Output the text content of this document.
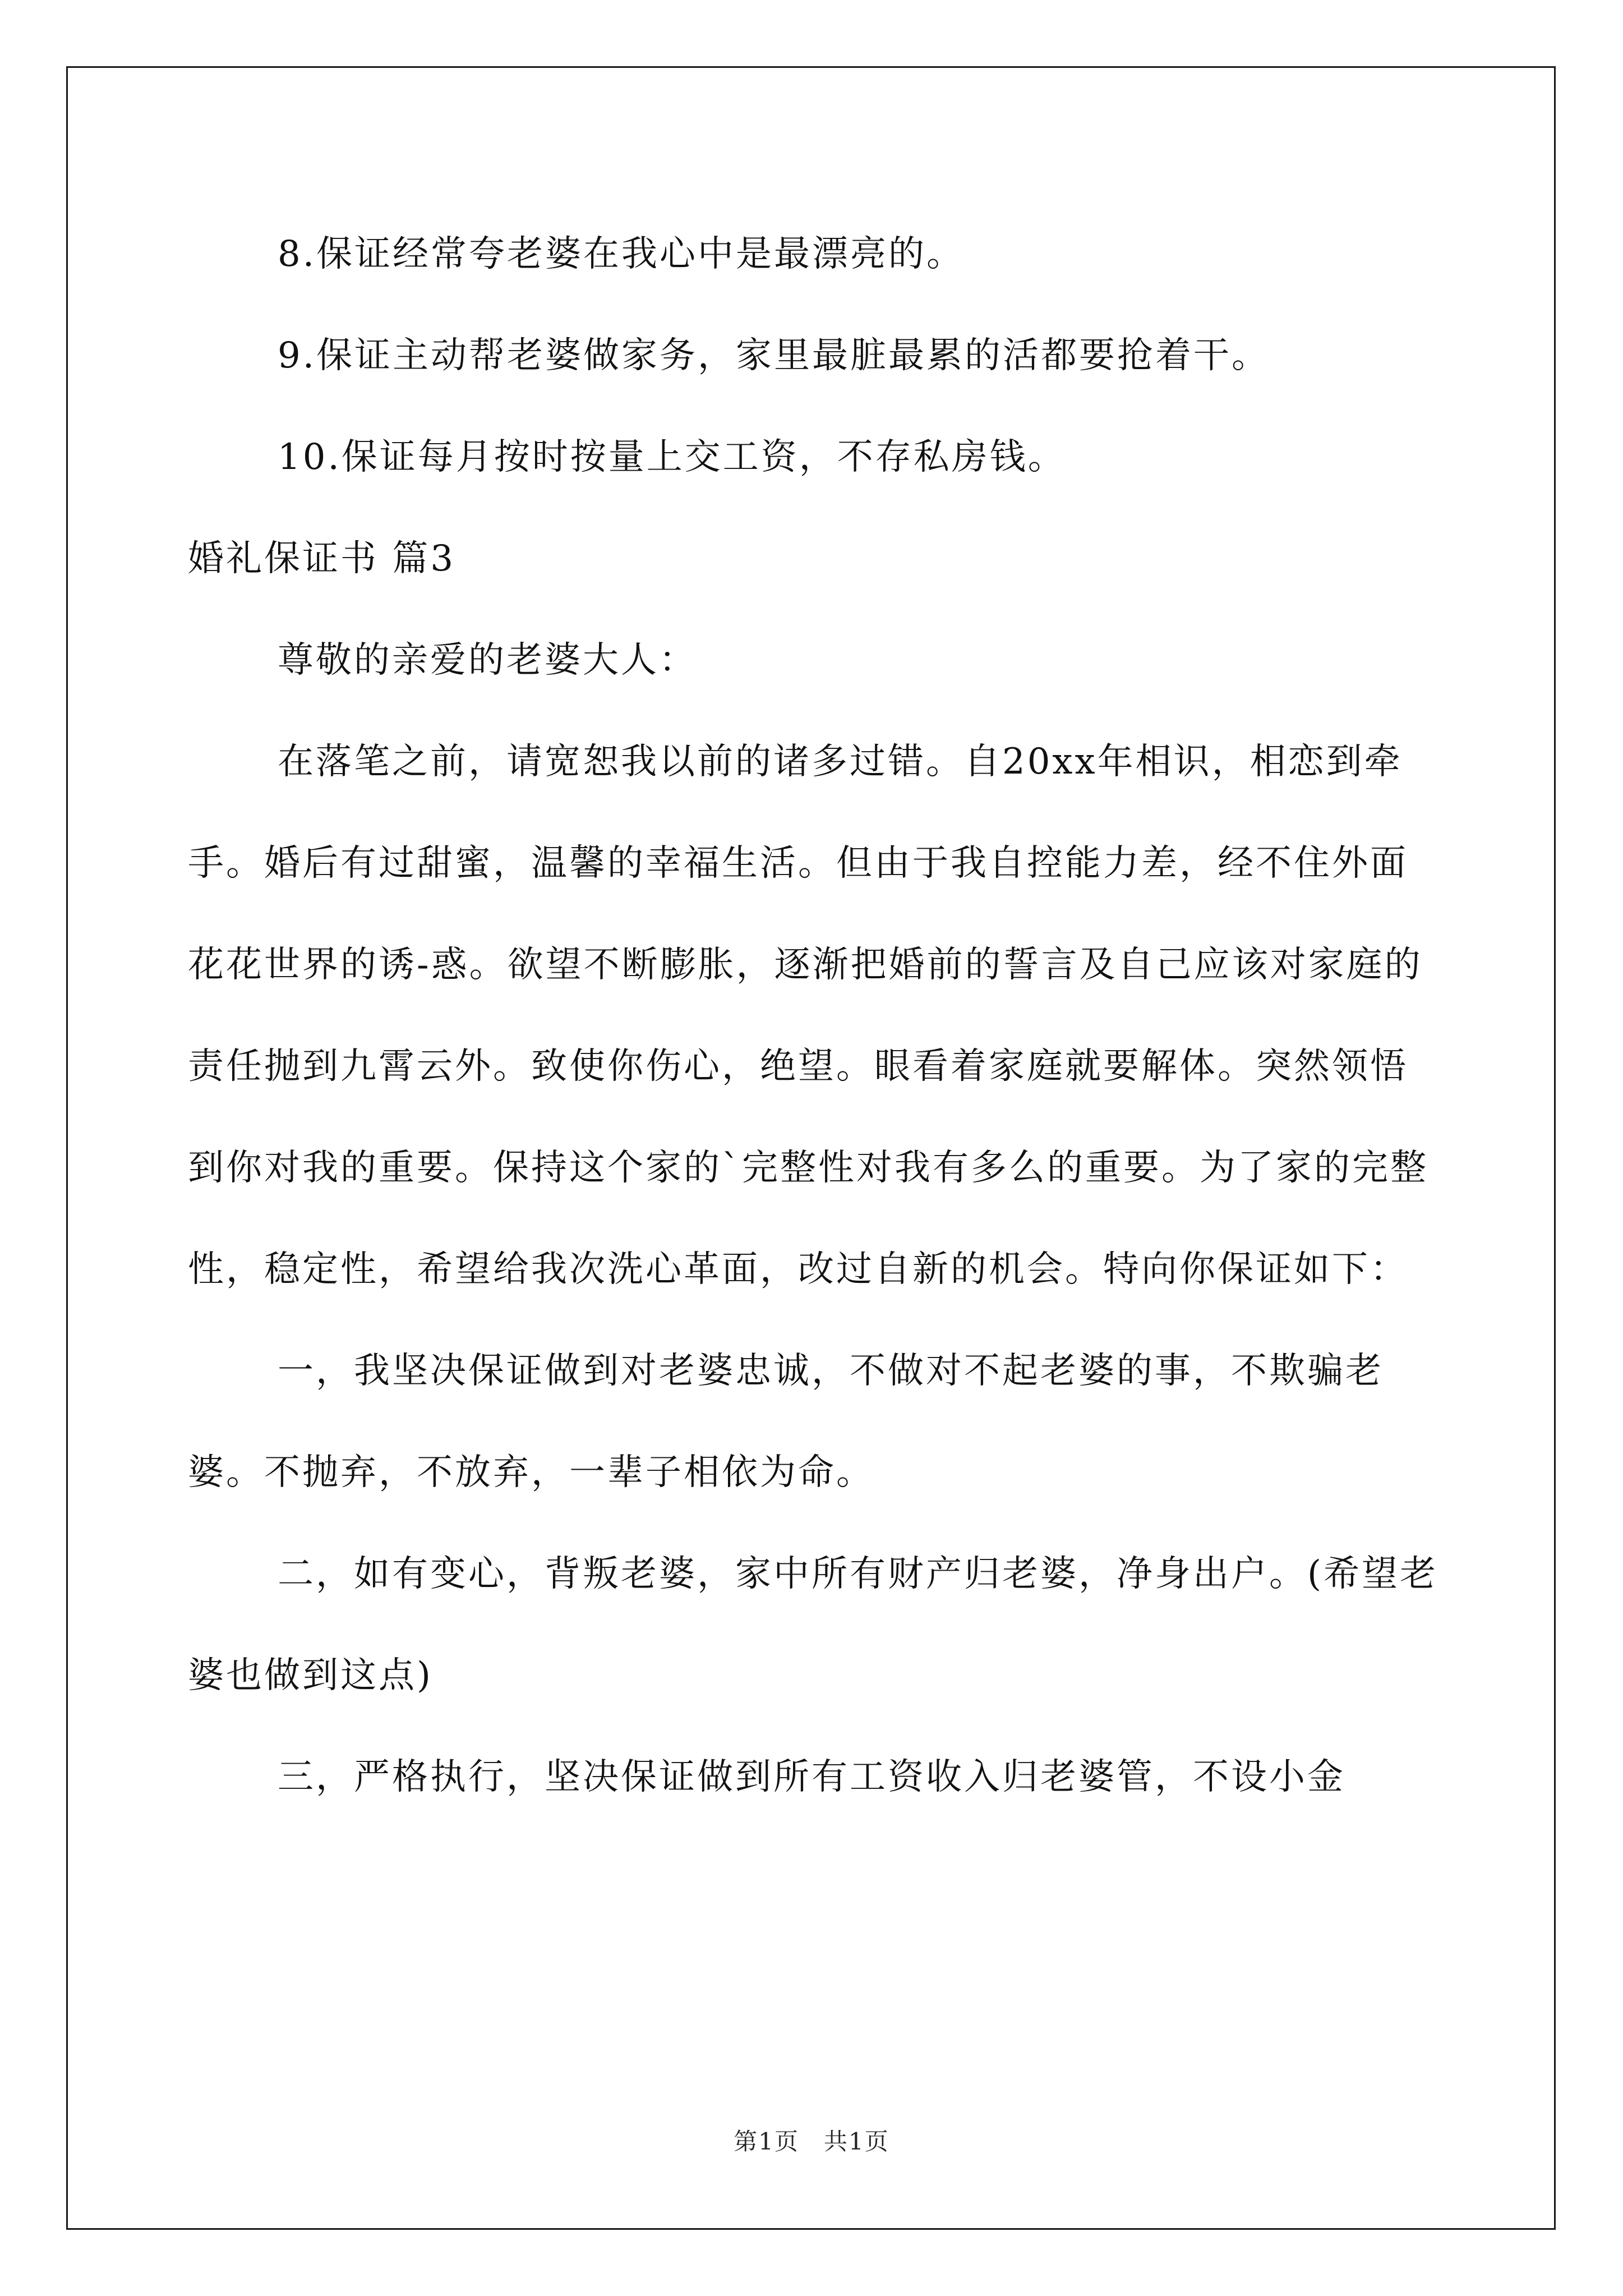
8.保证经常夸老婆在我心中是最漂亮的。

9.保证主动帮老婆做家务，家里最脏最累的活都要抢着干。

10.保证每月按时按量上交工资，不存私房钱。

婚礼保证书 篇3

尊敬的亲爱的老婆大人：

在落笔之前，请宽恕我以前的诸多过错。自20xx年相识，相恋到牵手。婚后有过甜蜜，温馨的幸福生活。但由于我自控能力差，经不住外面花花世界的诱-惑。欲望不断膨胀，逐渐把婚前的誓言及自己应该对家庭的责任抛到九霄云外。致使你伤心，绝望。眼看着家庭就要解体。突然领悟到你对我的重要。保持这个家的`完整性对我有多么的重要。为了家的完整性，稳定性，希望给我次洗心革面，改过自新的机会。特向你保证如下：

一，我坚决保证做到对老婆忠诚，不做对不起老婆的事，不欺骗老婆。不抛弃，不放弃，一辈子相依为命。

二，如有变心，背叛老婆，家中所有财产归老婆，净身出户。(希望老婆也做到这点)

三，严格执行，坚决保证做到所有工资收入归老婆管，不设小金

第1页　共1页
